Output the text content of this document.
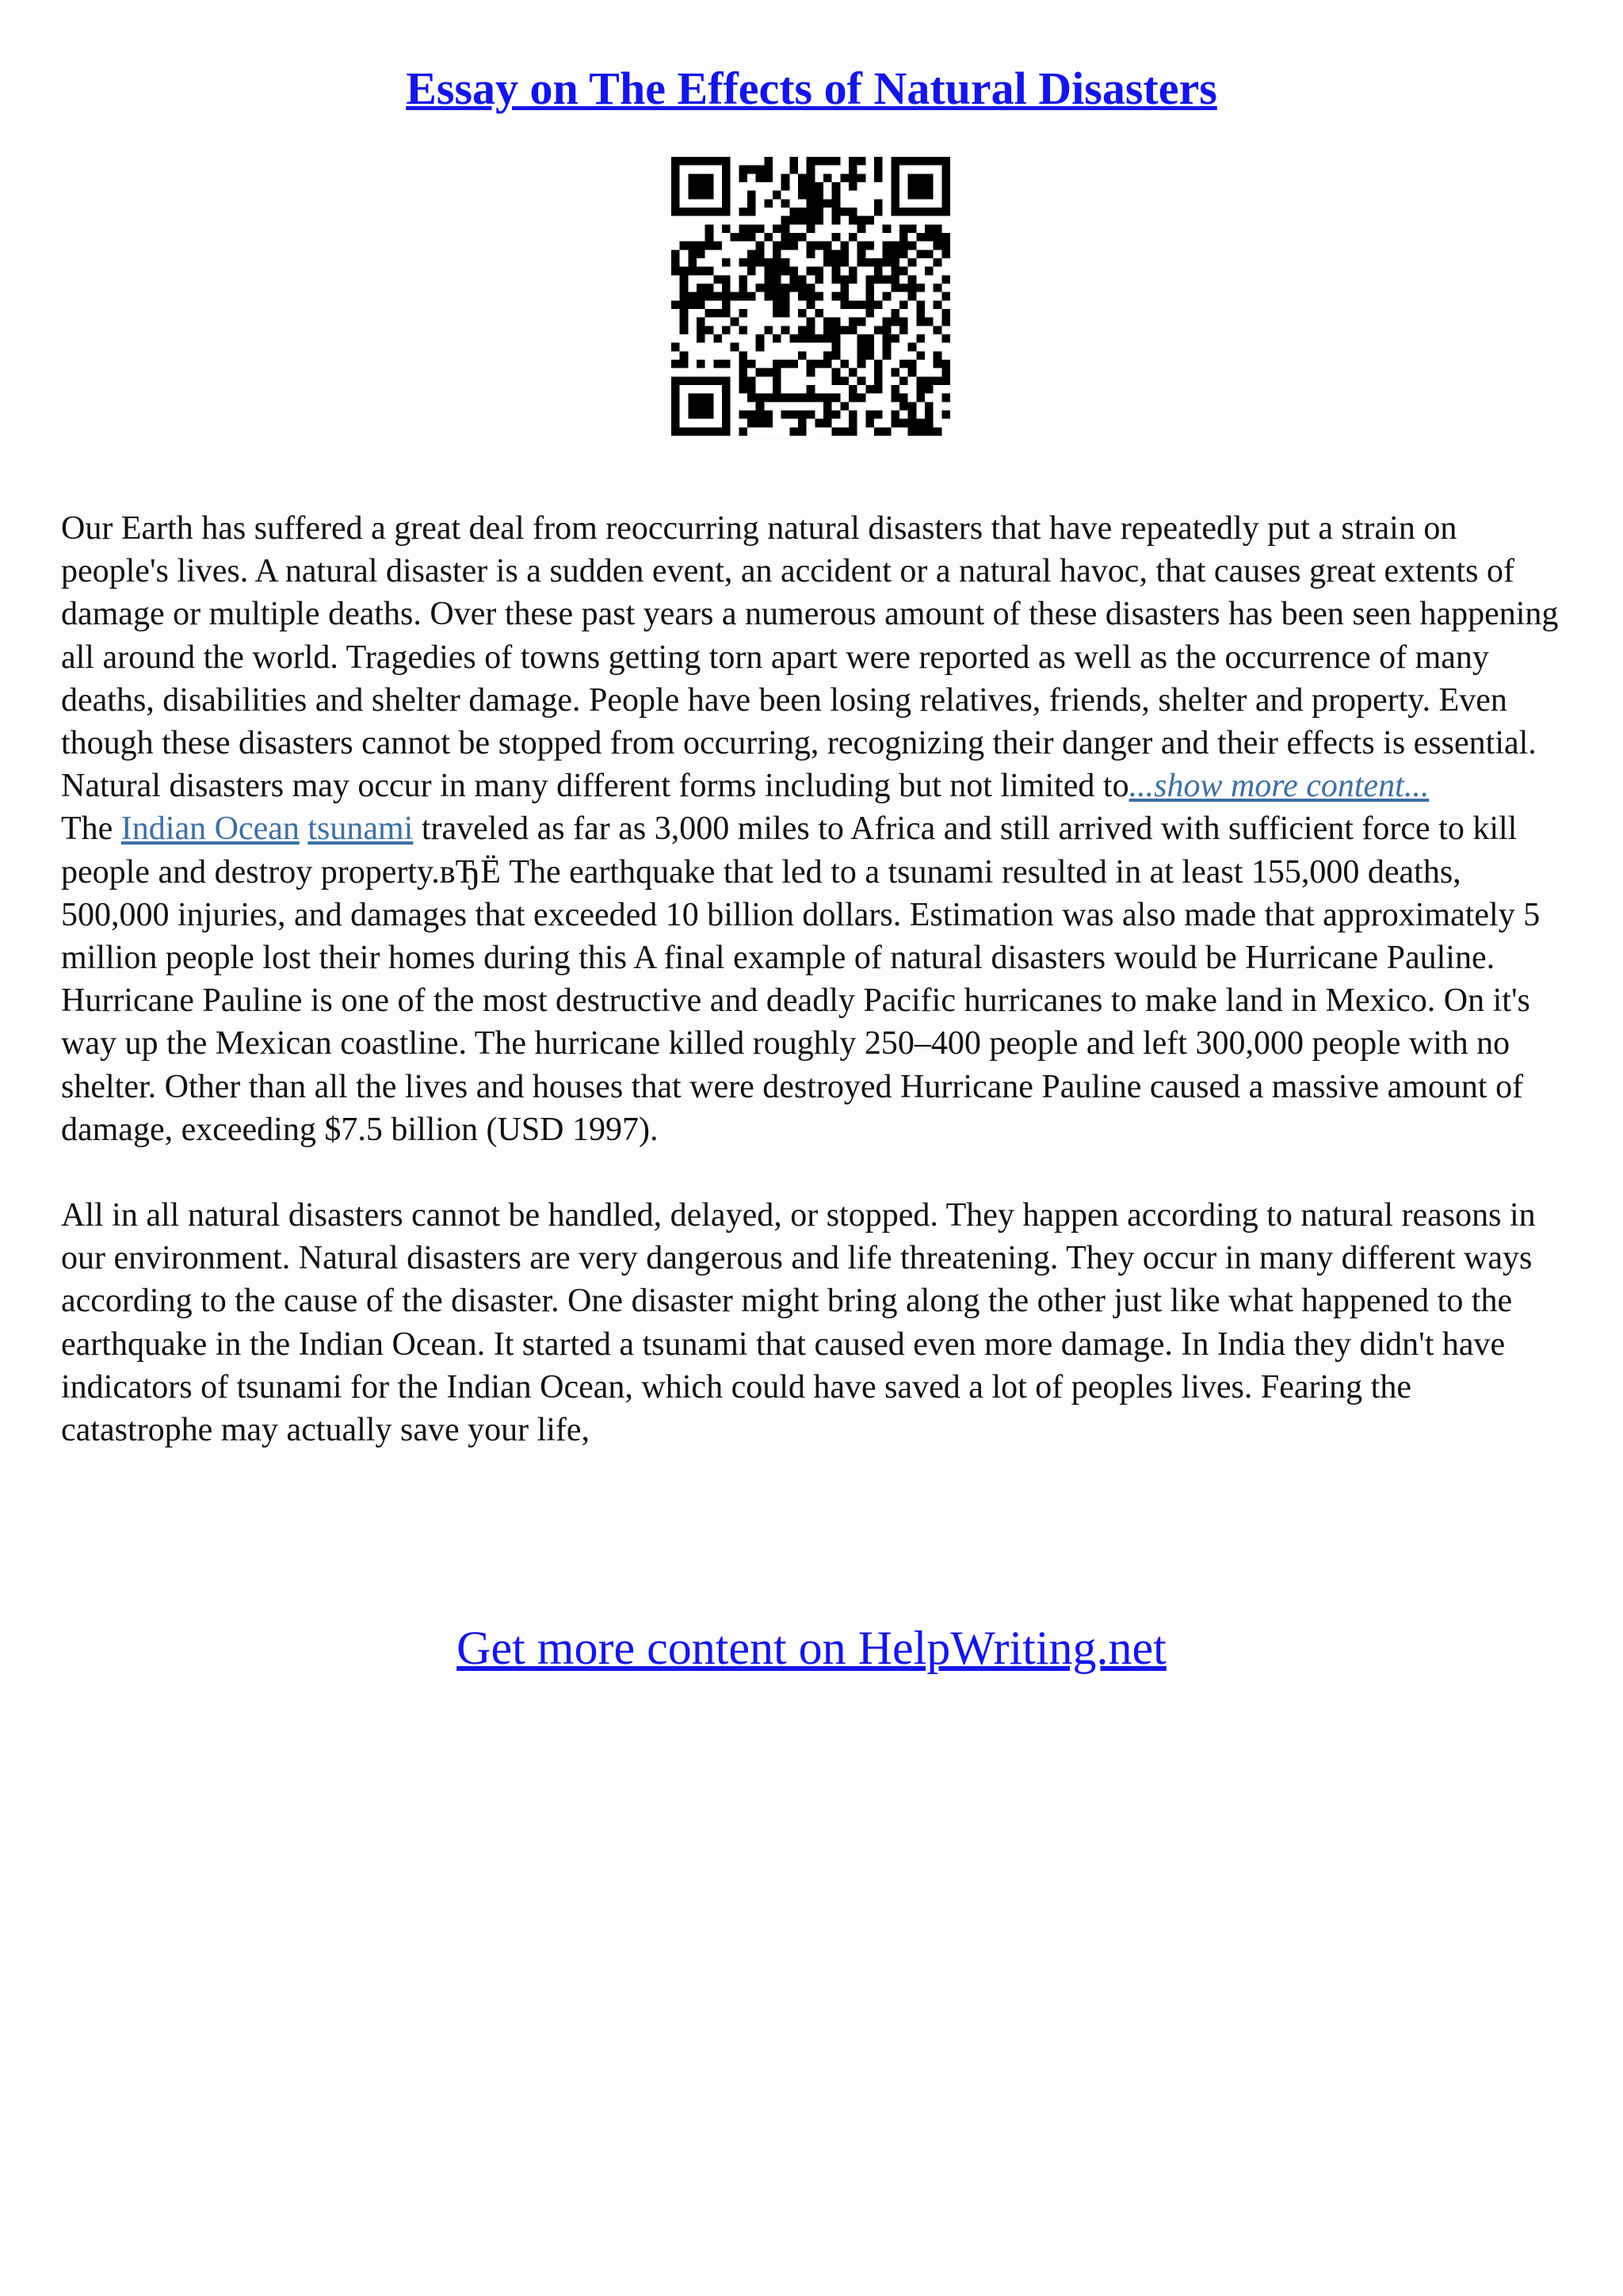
Essay on The Effects of Natural Disasters

Our Earth has suffered a great deal from reoccurring natural disasters that have repeatedly put a strain on people's lives. A natural disaster is a sudden event, an accident or a natural havoc, that causes great extents of damage or multiple deaths. Over these past years a numerous amount of these disasters has been seen happening all around the world. Tragedies of towns getting torn apart were reported as well as the occurrence of many deaths, disabilities and shelter damage. People have been losing relatives, friends, shelter and property. Even though these disasters cannot be stopped from occurring, recognizing their danger and their effects is essential.

Natural disasters may occur in many different forms including but not limited to...show more content...

The Indian Ocean tsunami traveled as far as 3,000 miles to Africa and still arrived with sufficient force to kill people and destroy property.вЂЁ The earthquake that led to a tsunami resulted in at least 155,000 deaths, 500,000 injuries, and damages that exceeded 10 billion dollars. Estimation was also made that approximately 5 million people lost their homes during this A final example of natural disasters would be Hurricane Pauline. Hurricane Pauline is one of the most destructive and deadly Pacific hurricanes to make land in Mexico. On it's way up the Mexican coastline. The hurricane killed roughly 250–400 people and left 300,000 people with no shelter. Other than all the lives and houses that were destroyed Hurricane Pauline caused a massive amount of damage, exceeding $7.5 billion (USD 1997).

All in all natural disasters cannot be handled, delayed, or stopped. They happen according to natural reasons in our environment. Natural disasters are very dangerous and life threatening. They occur in many different ways according to the cause of the disaster. One disaster might bring along the other just like what happened to the earthquake in the Indian Ocean. It started a tsunami that caused even more damage. In India they didn't have indicators of tsunami for the Indian Ocean, which could have saved a lot of peoples lives. Fearing the catastrophe may actually save your life,

Get more content on HelpWriting.net
